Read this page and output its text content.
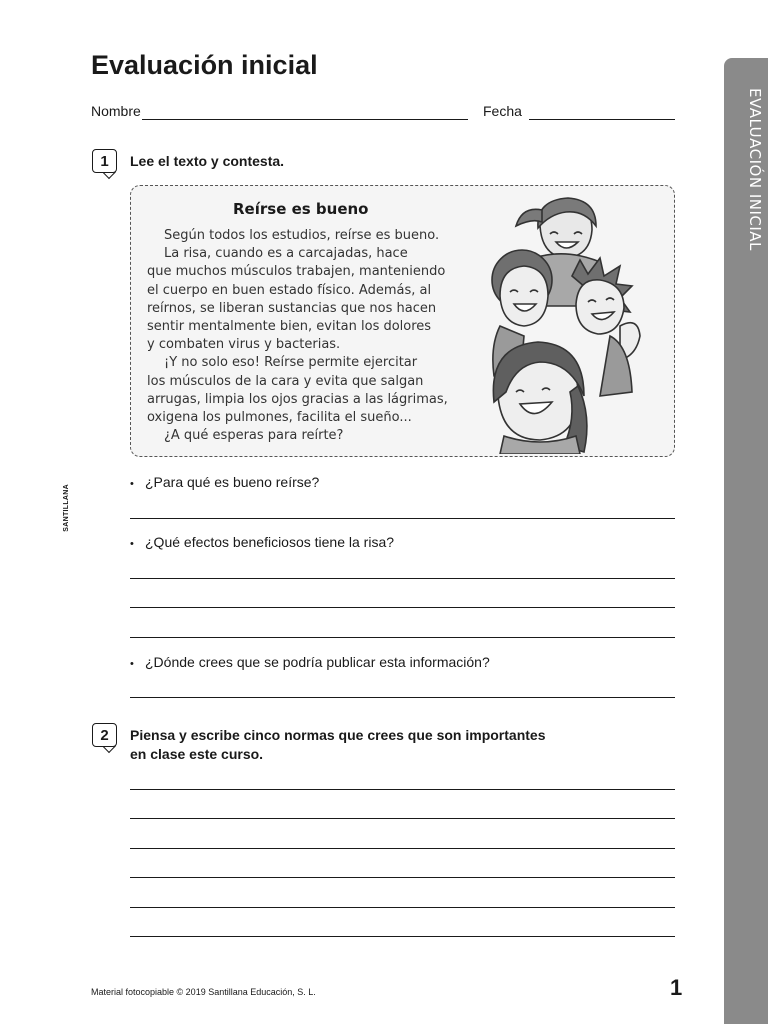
EVALUACIÓN INICIAL
SANTILLANA
Evaluación inicial
Nombre	Fecha
1	Lee el texto y contesta.
Reírse es bueno
Según todos los estudios, reírse es bueno.
La risa, cuando es a carcajadas, hace
que muchos músculos trabajen, manteniendo
el cuerpo en buen estado físico. Además, al
reírnos, se liberan sustancias que nos hacen
sentir mentalmente bien, evitan los dolores
y combaten virus y bacterias.
¡Y no solo eso! Reírse permite ejercitar
los músculos de la cara y evita que salgan
arrugas, limpia los ojos gracias a las lágrimas,
oxigena los pulmones, facilita el sueño...
¿A qué esperas para reírte?
• ¿Para qué es bueno reírse?
• ¿Qué efectos beneficiosos tiene la risa?
• ¿Dónde crees que se podría publicar esta información?
2	Piensa y escribe cinco normas que crees que son importantes
en clase este curso.
Material fotocopiable © 2019 Santillana Educación, S. L.	1
